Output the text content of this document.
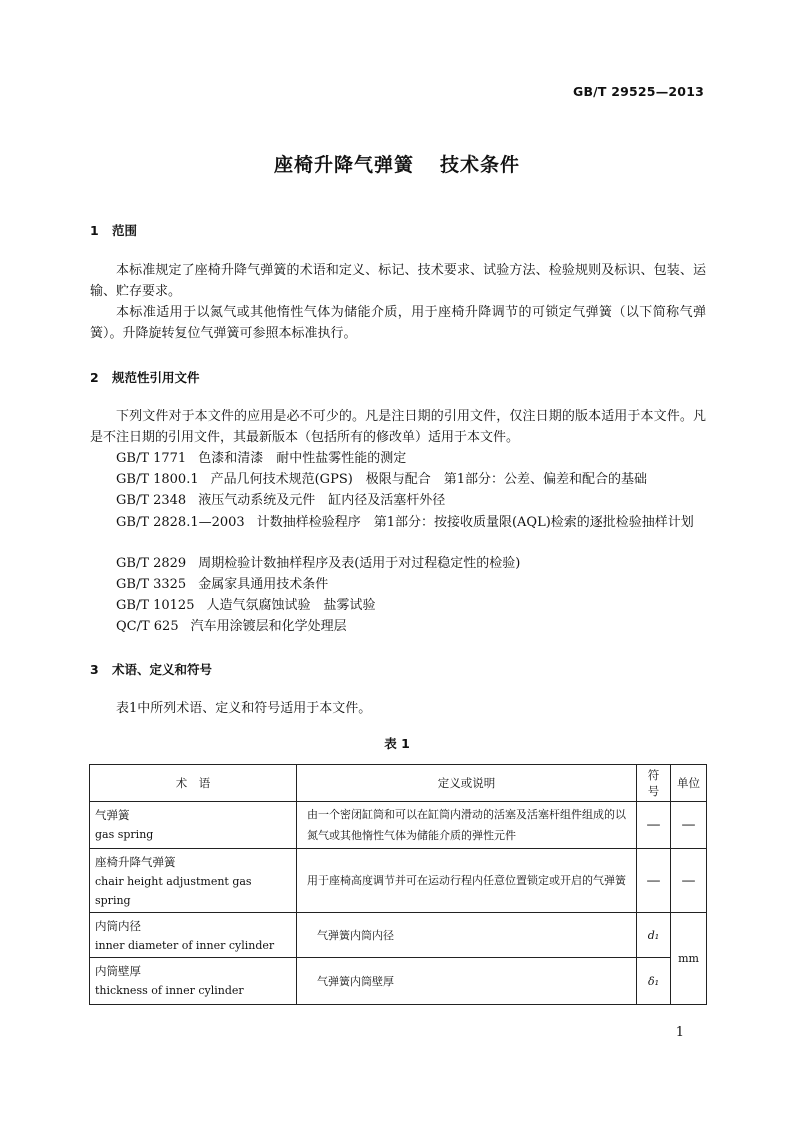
GB/T 29525—2013
座椅升降气弹簧 技术条件
1 范围

本标准规定了座椅升降气弹簧的术语和定义、标记、技术要求、试验方法、检验规则及标识、包装、运输、贮存要求。

本标准适用于以氮气或其他惰性气体为储能介质，用于座椅升降调节的可锁定气弹簧（以下简称气弹簧）。升降旋转复位气弹簧可参照本标准执行。

2 规范性引用文件

下列文件对于本文件的应用是必不可少的。凡是注日期的引用文件，仅注日期的版本适用于本文件。凡是不注日期的引用文件，其最新版本（包括所有的修改单）适用于本文件。

GB/T 1771 色漆和清漆　耐中性盐雾性能的测定

GB/T 1800.1 产品几何技术规范(GPS)　极限与配合　第1部分：公差、偏差和配合的基础

GB/T 2348 液压气动系统及元件　缸内径及活塞杆外径

GB/T 2828.1—2003 计数抽样检验程序　第1部分：按接收质量限(AQL)检索的逐批检验抽样计划

GB/T 2829 周期检验计数抽样程序及表(适用于对过程稳定性的检验)

GB/T 3325 金属家具通用技术条件

GB/T 10125 人造气氛腐蚀试验　盐雾试验

QC/T 625 汽车用涂镀层和化学处理层

3 术语、定义和符号

表1中所列术语、定义和符号适用于本文件。

表 1
术　语	定义或说明	符号	单位

气弹簧
gas spring	由一个密闭缸筒和可以在缸筒内滑动的活塞及活塞杆组件组成的以氮气或其他惰性气体为储能介质的弹性元件	—	—

座椅升降气弹簧
chair height adjustment gas spring	用于座椅高度调节并可在运动行程内任意位置锁定或开启的气弹簧	—	—

内筒内径
inner diameter of inner cylinder	气弹簧内筒内径	d₁	mm

内筒壁厚
thickness of inner cylinder	气弹簧内筒壁厚	δ₁	
1
